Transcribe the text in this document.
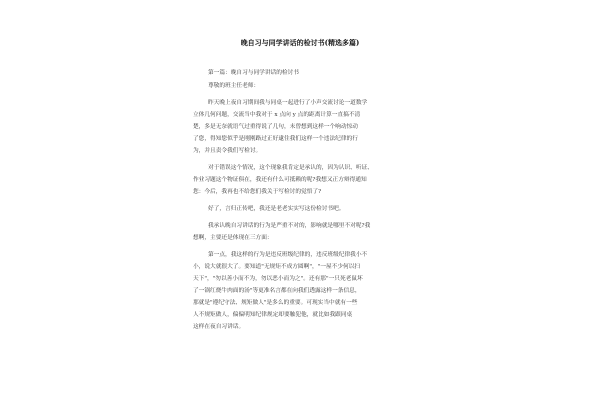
晚自习与同学讲话的检讨书(精选多篇)
第一篇：晚自习与同学讲话的检讨书
尊敬的班主任老师：
昨天晚上夜自习期间我与同桌一起进行了小声交流讨论一道数学
立体几何问题，交流当中我对于 x 点向 y 点的距离计算一直搞不清
楚，多是无奈就语气过重得说了几句，未曾想到这样一个响动惊动
了您，得知您似乎是刚刚路过正好逮住我们这样一个违法纪律的行
为，并且责令我们写检讨。
对于错误这个情况，这个现象我肯定是承认的，因为认识、听证、
作业习题这个物证俱在，我还有什么可抵赖的呢?我想又正方辩得通知
您：今后，我再也不给您们我关于写检讨的觉悟了?
好了，言归正传吧，我还是老老实实写这份检讨书吧。
我承认晚自习讲话的行为是严重不对的，影响就是哪里不对呢?我
想啊，主要还是体现在三方面：
第一点，我这样的行为是违反班级纪律的，违反班级纪律我小不
小，说大就很大了。要知道"无规矩不成方圆啊"，"一屋不少何以扫
天下"，"勿以善小而不为，勿以恶小而为之"。还有那"一只死老鼠坏
了一锅红烧牛肉面的汤"等更准名言都在向我们透露这样一条信息，
那就是"遵纪守法、规矩做人"是多么的重要。可现实当中就有一些
人不规矩做人，偏偏明知纪律规定却要触犯他，就比如我跟同桌
这样在夜自习讲话。
